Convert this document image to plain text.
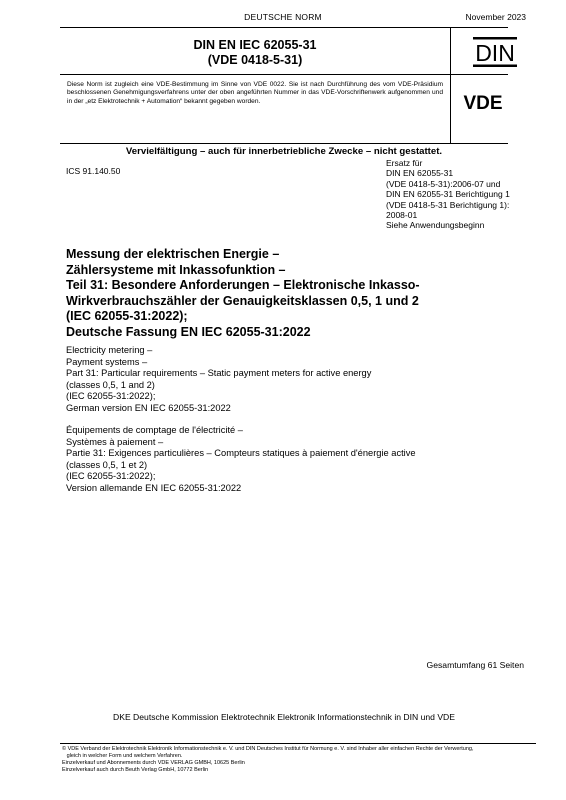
DEUTSCHE NORM	November 2023
DIN EN IEC 62055-31
(VDE 0418-5-31)	DIN
Diese Norm ist zugleich eine VDE-Bestimmung im Sinne von VDE 0022. Sie ist nach Durchführung des vom VDE-Präsidium beschlossenen Genehmigungsverfahrens unter der oben angeführten Nummer in das VDE-Vorschriftenwerk aufgenommen und in der „etz Elektrotechnik + Automation“ bekannt gegeben worden.	VDE
Vervielfältigung – auch für innerbetriebliche Zwecke – nicht gestattet.
ICS 91.140.50
Ersatz für
DIN EN 62055-31
(VDE 0418-5-31):2006-07 und
DIN EN 62055-31 Berichtigung 1
(VDE 0418-5-31 Berichtigung 1):
2008-01
Siehe Anwendungsbeginn
Messung der elektrischen Energie –
Zählersysteme mit Inkassofunktion –
Teil 31: Besondere Anforderungen – Elektronische Inkasso-
Wirkverbrauchszähler der Genauigkeitsklassen 0,5, 1 und 2
(IEC 62055-31:2022);
Deutsche Fassung EN IEC 62055-31:2022
Electricity metering –
Payment systems –
Part 31: Particular requirements – Static payment meters for active energy
(classes 0,5, 1 and 2)
(IEC 62055-31:2022);
German version EN IEC 62055-31:2022
Équipements de comptage de l'électricité –
Systèmes à paiement –
Partie 31: Exigences particulières – Compteurs statiques à paiement d'énergie active
(classes 0,5, 1 et 2)
(IEC 62055-31:2022);
Version allemande EN IEC 62055-31:2022
Gesamtumfang 61 Seiten
DKE Deutsche Kommission Elektrotechnik Elektronik Informationstechnik in DIN und VDE
© VDE Verband der Elektrotechnik Elektronik Informationstechnik e. V. und DIN Deutsches Institut für Normung e. V. sind Inhaber aller einfachen Rechte der Verwertung,
gleich in welcher Form und welchem Verfahren.
Einzelverkauf und Abonnements durch VDE VERLAG GMBH, 10625 Berlin
Einzelverkauf auch durch Beuth Verlag GmbH, 10772 Berlin
